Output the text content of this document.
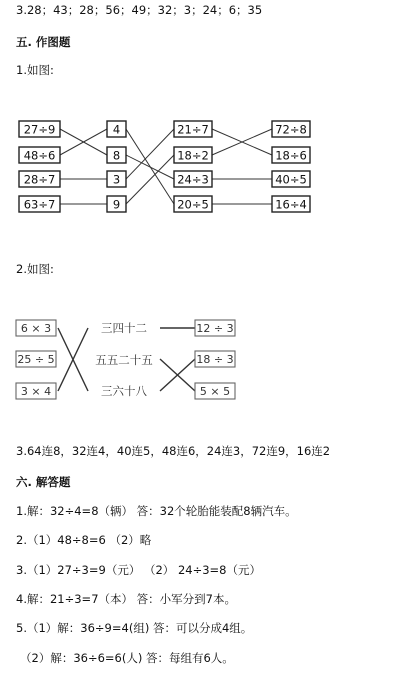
3.28；43；28；56；49；32；3；24；6；35
五. 作图题
1.如图:
27÷9
48÷6
28÷7
63÷7
4
8
3
9
21÷7
18÷2
24÷3
20÷5
72÷8
18÷6
40÷5
16÷4
2.如图:
6 × 3
25 ÷ 5
3 × 4
三四十二
五五二十五
三六十八
12 ÷ 3
18 ÷ 3
5 × 5
3.64连8，32连4，40连5，48连6，24连3，72连9，16连2
六. 解答题
1.解：32÷4=8（辆） 答：32个轮胎能装配8辆汽车。
2.（1）48÷8=6 （2）略
3.（1）27÷3=9（元） （2） 24÷3=8（元）
4.解：21÷3=7（本） 答：小军分到7本。
5.（1）解：36÷9=4(组) 答：可以分成4组。
（2）解：36÷6=6(人) 答：每组有6人。
